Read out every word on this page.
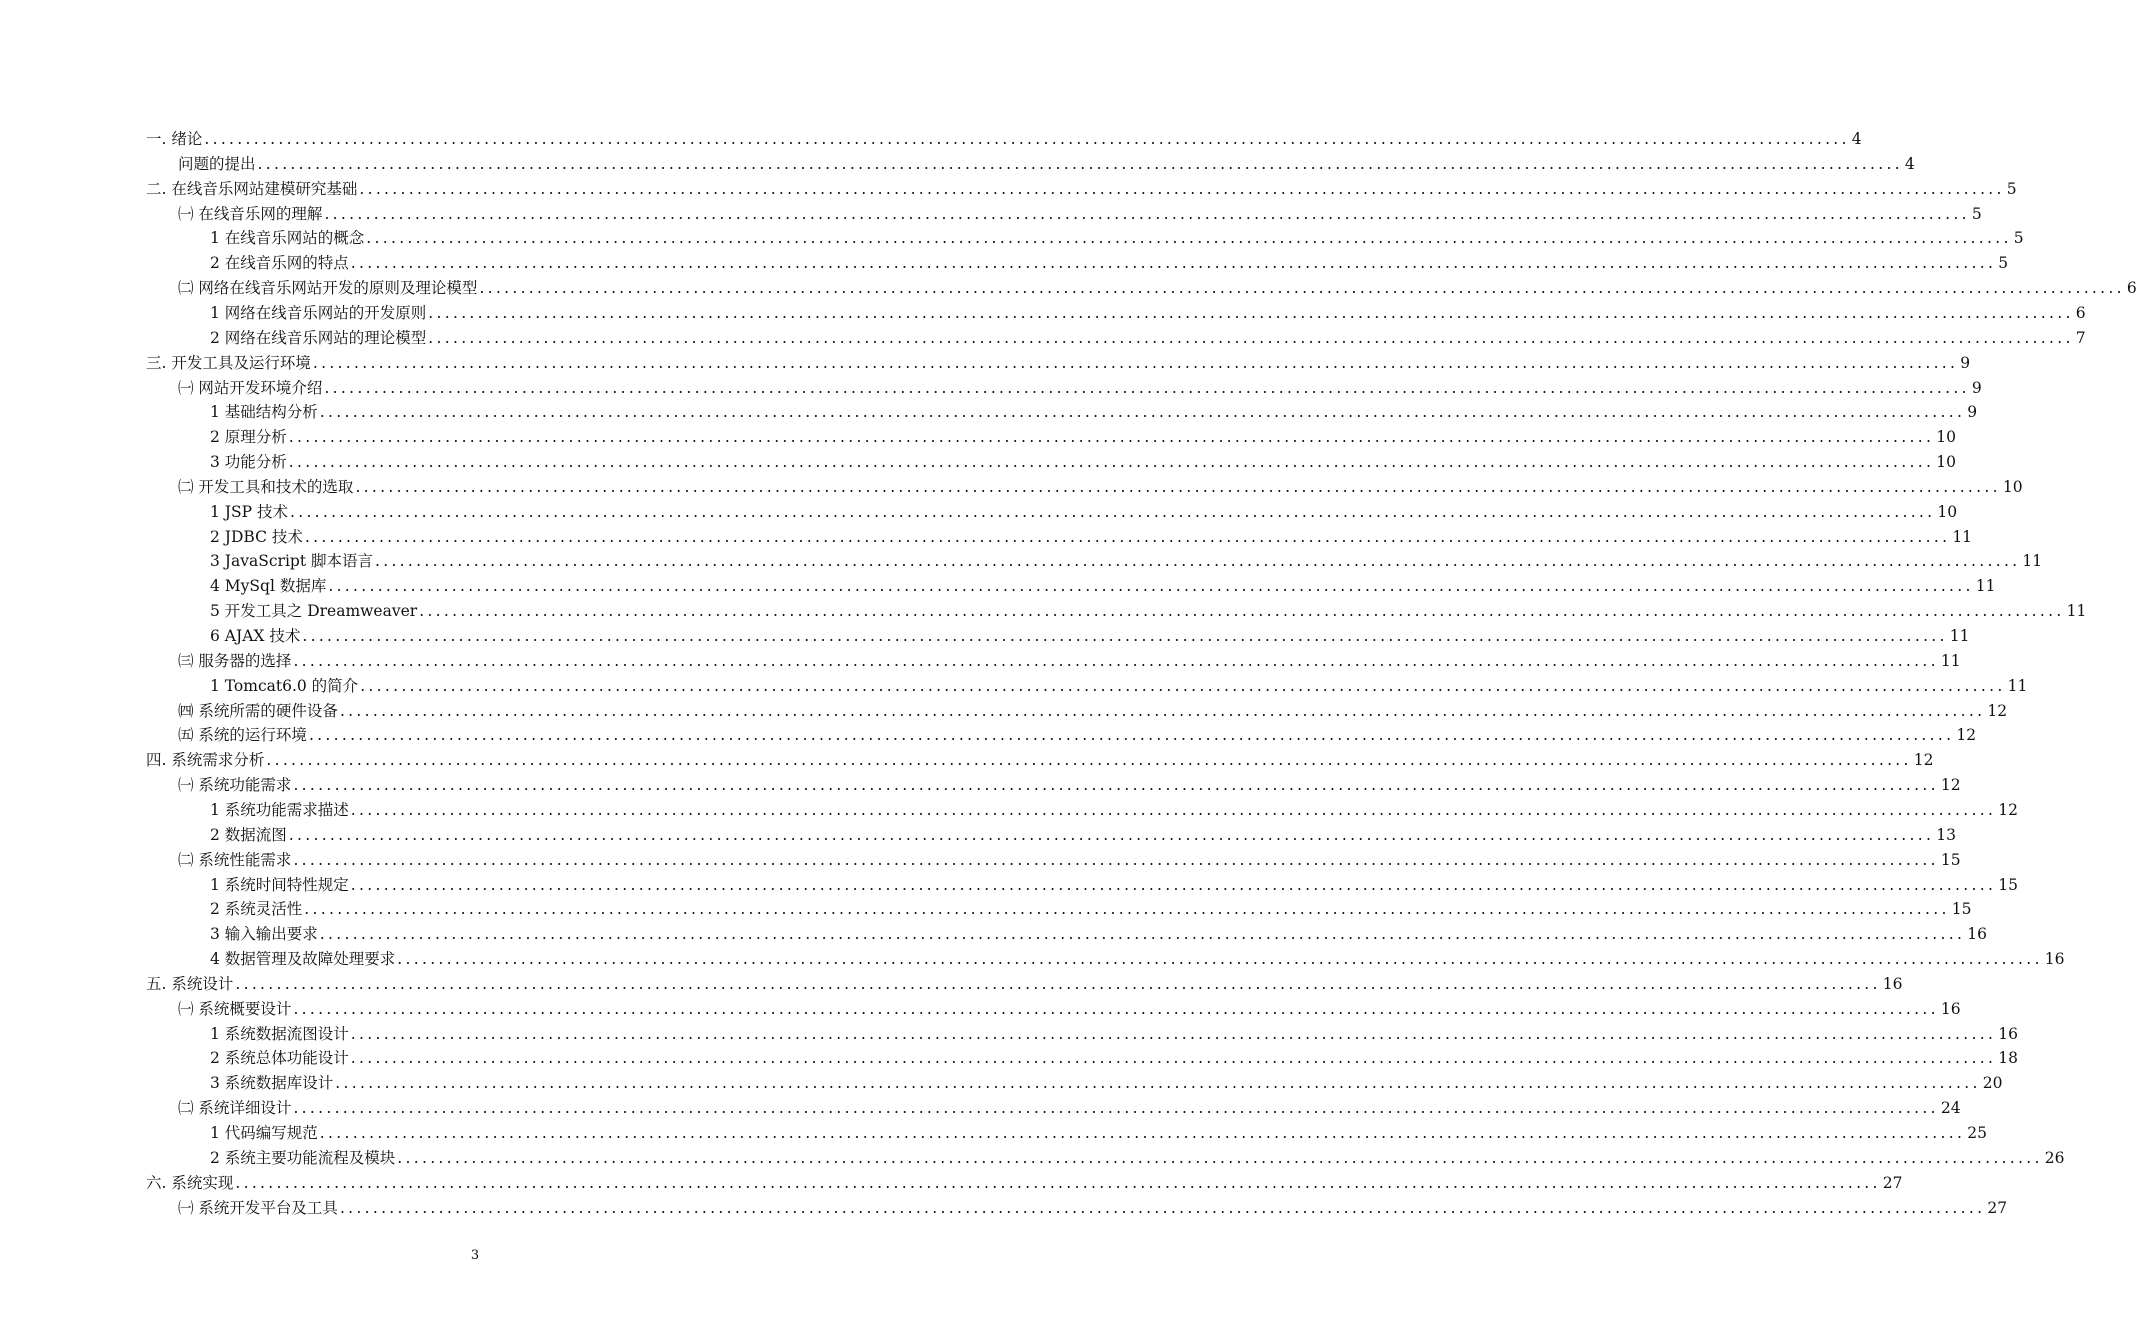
一. 绪论 ........................................................................................................................................................................................................ 4
问题的提出 ........................................................................................................................................................................................................ 4
二. 在线音乐网站建模研究基础 ........................................................................................................................................................................................................ 5
㈠ 在线音乐网的理解 ........................................................................................................................................................................................................ 5
1 在线音乐网站的概念 ........................................................................................................................................................................................................ 5
2 在线音乐网的特点 ........................................................................................................................................................................................................ 5
㈡ 网络在线音乐网站开发的原则及理论模型 ........................................................................................................................................................................................................ 6
1 网络在线音乐网站的开发原则 ........................................................................................................................................................................................................ 6
2 网络在线音乐网站的理论模型 ........................................................................................................................................................................................................ 7
三. 开发工具及运行环境 ........................................................................................................................................................................................................ 9
㈠ 网站开发环境介绍 ........................................................................................................................................................................................................ 9
1 基础结构分析 ........................................................................................................................................................................................................ 9
2 原理分析 ........................................................................................................................................................................................................ 10
3 功能分析 ........................................................................................................................................................................................................ 10
㈡ 开发工具和技术的选取 ........................................................................................................................................................................................................ 10
1 JSP 技术 ........................................................................................................................................................................................................ 10
2 JDBC 技术 ........................................................................................................................................................................................................ 11
3 JavaScript 脚本语言 ........................................................................................................................................................................................................ 11
4 MySql 数据库 ........................................................................................................................................................................................................ 11
5 开发工具之 Dreamweaver ........................................................................................................................................................................................................ 11
6 AJAX 技术 ........................................................................................................................................................................................................ 11
㈢ 服务器的选择 ........................................................................................................................................................................................................ 11
1 Tomcat6.0 的简介 ........................................................................................................................................................................................................ 11
㈣ 系统所需的硬件设备 ........................................................................................................................................................................................................ 12
㈤ 系统的运行环境 ........................................................................................................................................................................................................ 12
四. 系统需求分析 ........................................................................................................................................................................................................ 12
㈠ 系统功能需求 ........................................................................................................................................................................................................ 12
1 系统功能需求描述 ........................................................................................................................................................................................................ 12
2 数据流图 ........................................................................................................................................................................................................ 13
㈡ 系统性能需求 ........................................................................................................................................................................................................ 15
1 系统时间特性规定 ........................................................................................................................................................................................................ 15
2 系统灵活性 ........................................................................................................................................................................................................ 15
3 输入输出要求 ........................................................................................................................................................................................................ 16
4 数据管理及故障处理要求 ........................................................................................................................................................................................................ 16
五. 系统设计 ........................................................................................................................................................................................................ 16
㈠ 系统概要设计 ........................................................................................................................................................................................................ 16
1 系统数据流图设计 ........................................................................................................................................................................................................ 16
2 系统总体功能设计 ........................................................................................................................................................................................................ 18
3 系统数据库设计 ........................................................................................................................................................................................................ 20
㈡ 系统详细设计 ........................................................................................................................................................................................................ 24
1 代码编写规范 ........................................................................................................................................................................................................ 25
2 系统主要功能流程及模块 ........................................................................................................................................................................................................ 26
六. 系统实现 ........................................................................................................................................................................................................ 27
㈠ 系统开发平台及工具 ........................................................................................................................................................................................................ 27
3
